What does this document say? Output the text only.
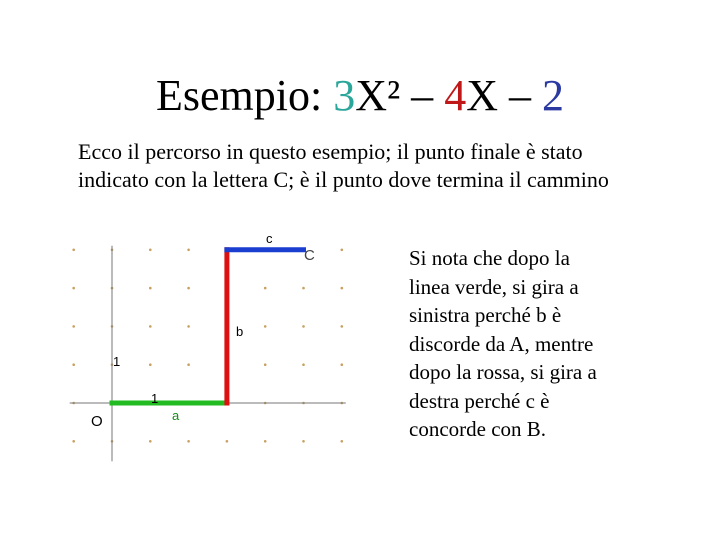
Esempio: 3X² – 4X – 2
Ecco il percorso in questo esempio; il punto finale è stato
indicato con la lettera C; è il punto dove termina il cammino
Si nota che dopo la
linea verde, si gira a
sinistra perché b è
discorde da A, mentre
dopo la rossa, si gira a
destra perché c è
concorde con B.
O
1
1
a
b
c
C
